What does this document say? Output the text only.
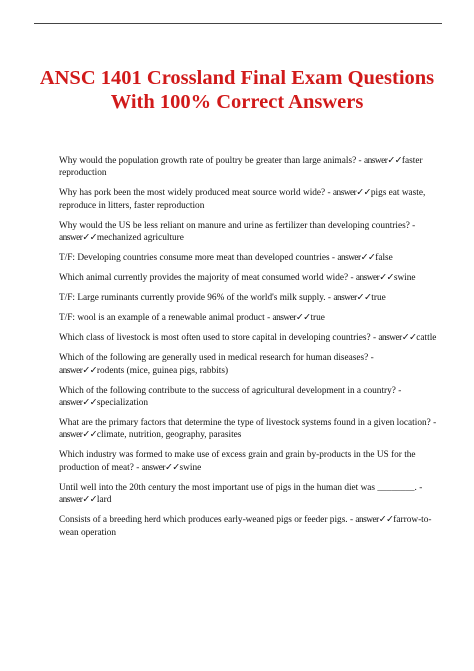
ANSC 1401 Crossland Final Exam Questions
With 100% Correct Answers
Why would the population growth rate of poultry be greater than large animals? - answer✓✓faster reproduction
Why has pork been the most widely produced meat source world wide? - answer✓✓pigs eat waste, reproduce in litters, faster reproduction
Why would the US be less reliant on manure and urine as fertilizer than developing countries? - answer✓✓mechanized agriculture
T/F: Developing countries consume more meat than developed countries - answer✓✓false
Which animal currently provides the majority of meat consumed world wide? - answer✓✓swine
T/F: Large ruminants currently provide 96% of the world's milk supply. - answer✓✓true
T/F: wool is an example of a renewable animal product - answer✓✓true
Which class of livestock is most often used to store capital in developing countries? - answer✓✓cattle
Which of the following are generally used in medical research for human diseases? - answer✓✓rodents (mice, guinea pigs, rabbits)
Which of the following contribute to the success of agricultural development in a country? - answer✓✓specialization
What are the primary factors that determine the type of livestock systems found in a given location? - answer✓✓climate, nutrition, geography, parasites
Which industry was formed to make use of excess grain and grain by-products in the US for the production of meat? - answer✓✓swine
Until well into the 20th century the most important use of pigs in the human diet was ________. - answer✓✓lard
Consists of a breeding herd which produces early-weaned pigs or feeder pigs. - answer✓✓farrow-to-wean operation
